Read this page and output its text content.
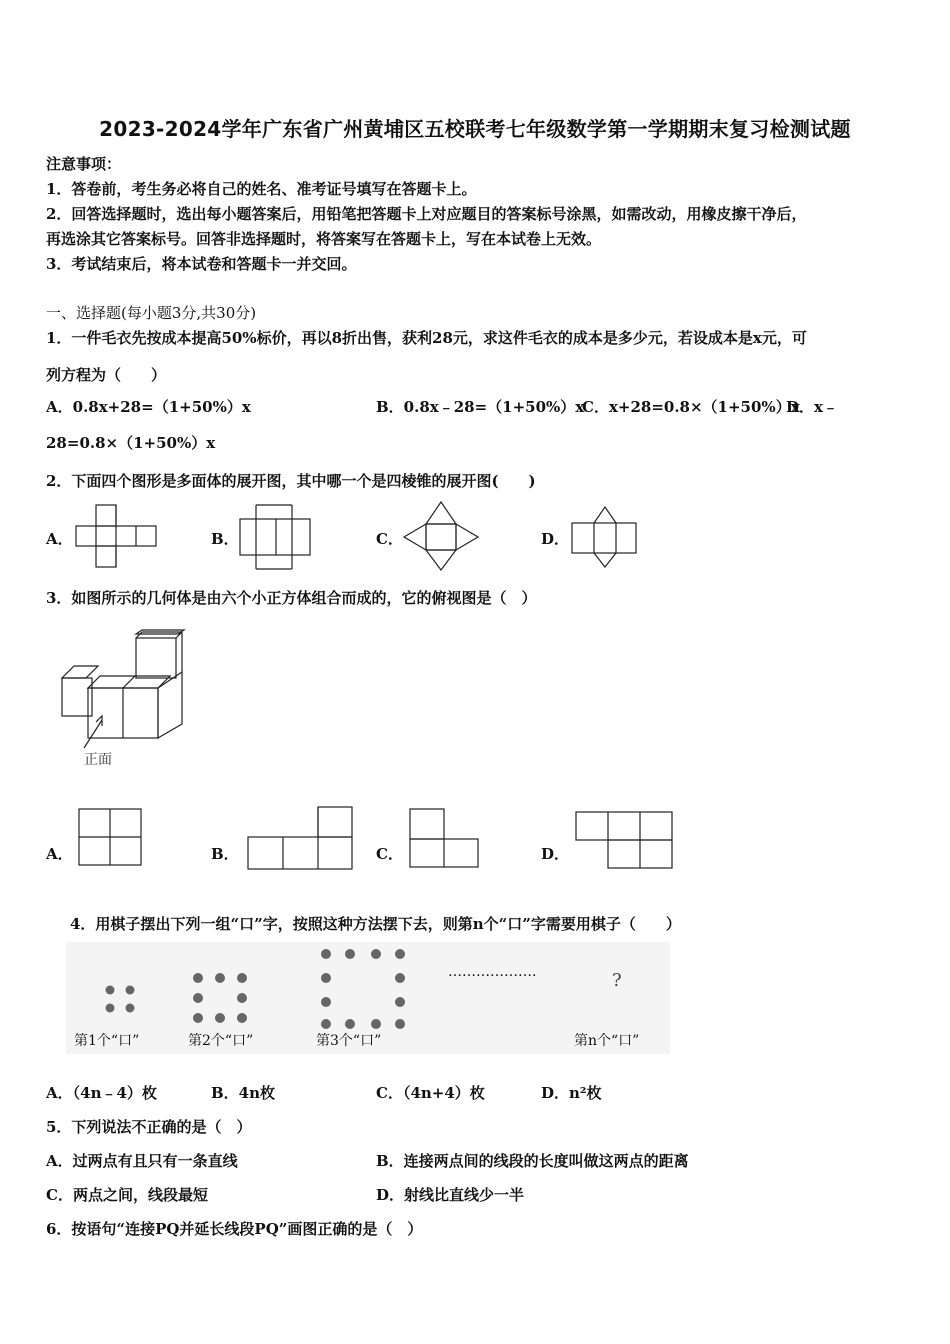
2023-2024学年广东省广州黄埔区五校联考七年级数学第一学期期末复习检测试题
注意事项：
1．答卷前，考生务必将自己的姓名、准考证号填写在答题卡上。
2．回答选择题时，选出每小题答案后，用铅笔把答题卡上对应题目的答案标号涂黑，如需改动，用橡皮擦干净后，
再选涂其它答案标号。回答非选择题时，将答案写在答题卡上，写在本试卷上无效。
3．考试结束后，将本试卷和答题卡一并交回。
一、选择题(每小题3分,共30分)
1．一件毛衣先按成本提高50%标价，再以8折出售，获利28元，求这件毛衣的成本是多少元，若设成本是x元，可
列方程为（　　）
A．0.8x+28=（1+50%）x	B．0.8x﹣28=（1+50%）x
C．x+28=0.8×（1+50%）x
D．x﹣
28=0.8×（1+50%）x
2．下面四个图形是多面体的展开图，其中哪一个是四棱锥的展开图(　　)
A．	B．	C．	D．
3．如图所示的几何体是由六个小正方体组合而成的，它的俯视图是（　）
正面
A．	B．	C．	D．
4．用棋子摆出下列一组“口”字，按照这种方法摆下去，则第n个“口”字需要用棋子（　　）
……………….	?
第1个“口”	第2个“口”	第3个“口”	第n个“口”
A．（4n﹣4）枚	B．4n枚	C．（4n+4）枚	D．n²枚
5．下列说法不正确的是（　）
A．过两点有且只有一条直线	B．连接两点间的线段的长度叫做这两点的距离
C．两点之间，线段最短	D．射线比直线少一半
6．按语句“连接PQ并延长线段PQ”画图正确的是（　）
